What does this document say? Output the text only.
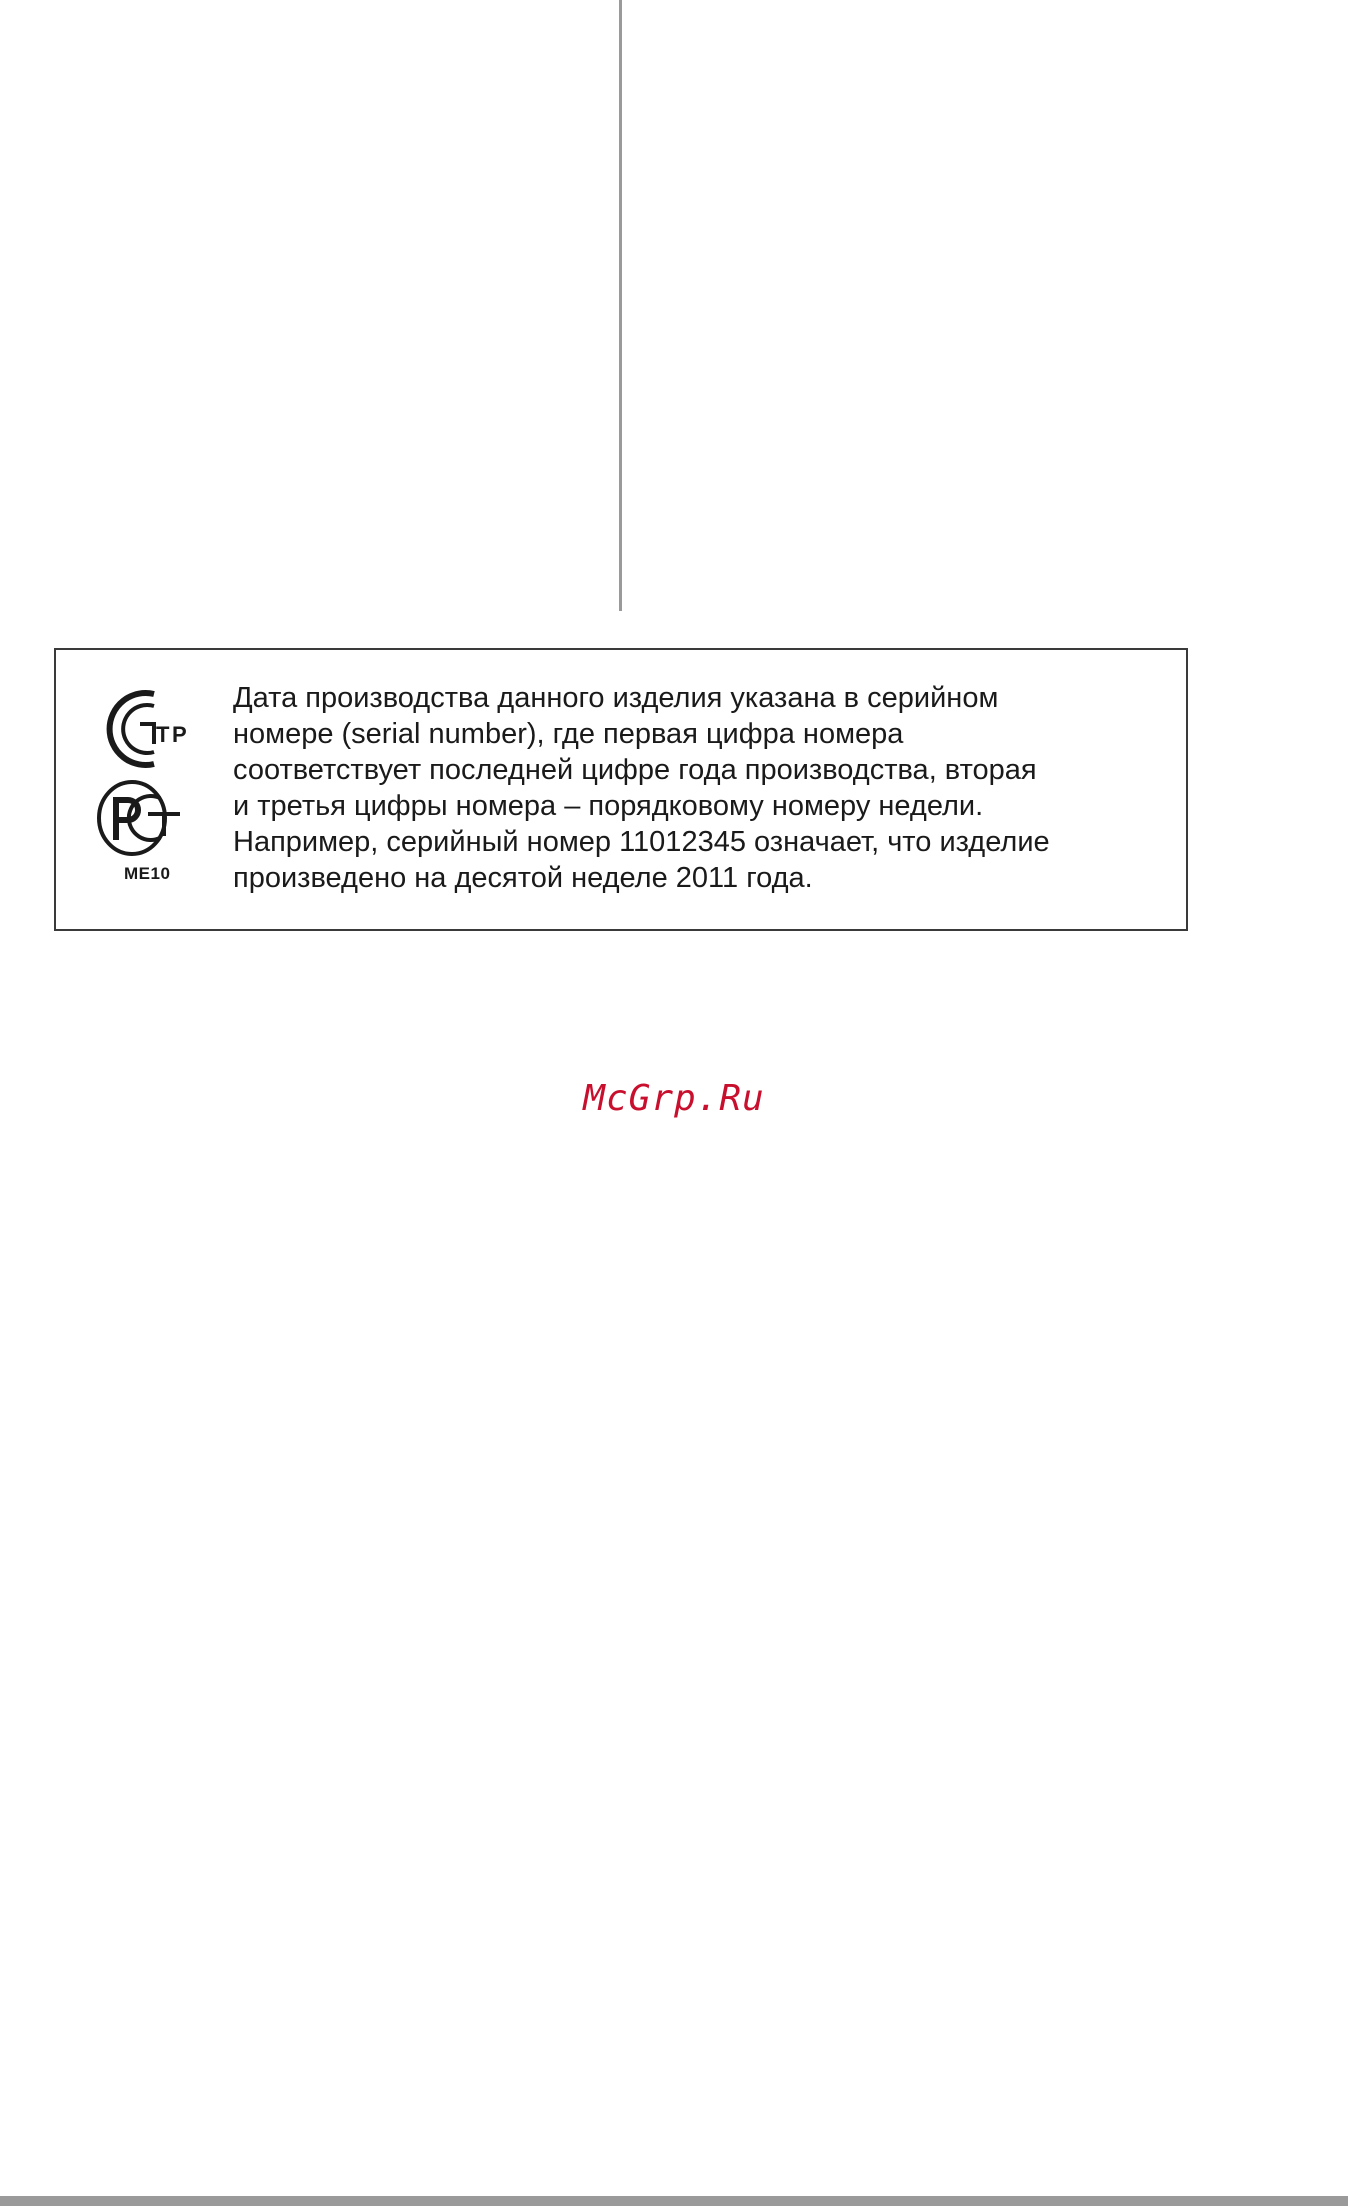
Т Р
ME10

Дата производства данного изделия указана в серийном
номере (serial number), где первая цифра номера
соответствует последней цифре года производства, вторая
и третья цифры номера – порядковому номеру недели.
Например, серийный номер 11012345 означает, что изделие
произведено на десятой неделе 2011 года.

McGrp.Ru
